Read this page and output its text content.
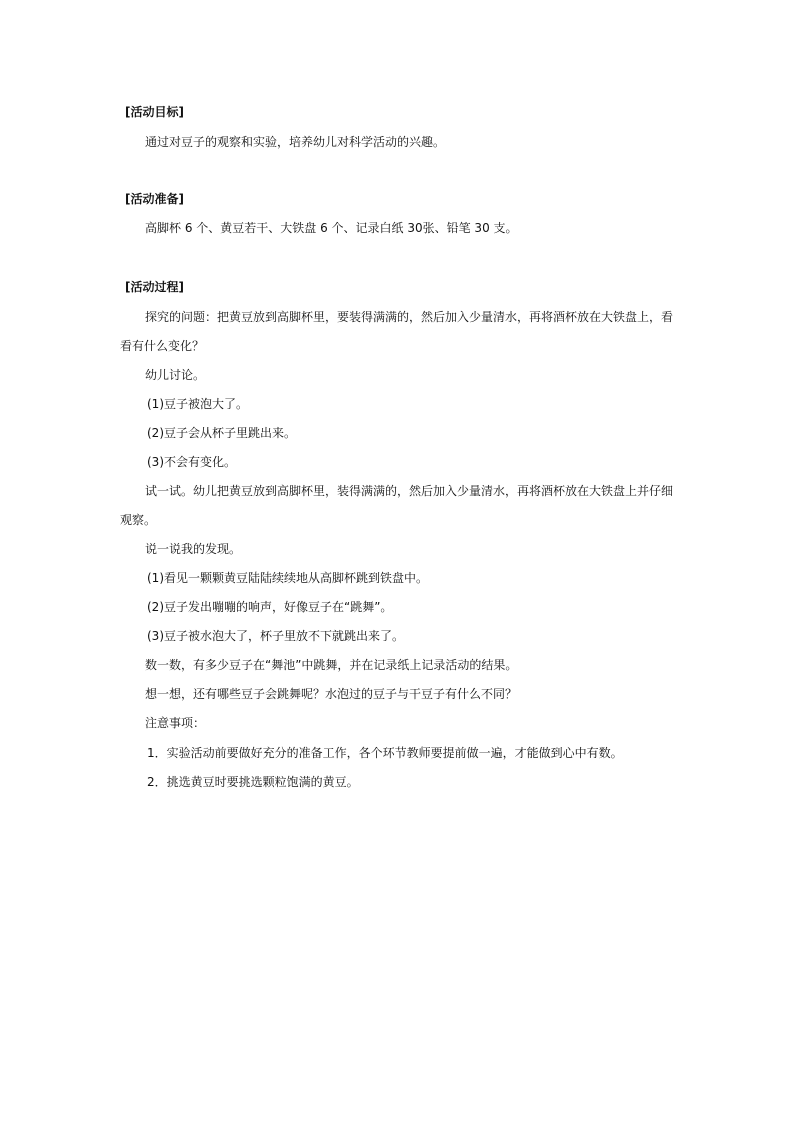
[活动目标]
通过对豆子的观察和实验，培养幼儿对科学活动的兴趣。
[活动准备]
高脚杯 6 个、黄豆若干、大铁盘 6 个、记录白纸 30张、铅笔 30 支。
[活动过程]
探究的问题：把黄豆放到高脚杯里，要装得满满的，然后加入少量清水，再将酒杯放在大铁盘上，看
看有什么变化？
幼儿讨论。
(1)豆子被泡大了。
(2)豆子会从杯子里跳出来。
(3)不会有变化。
试一试。幼儿把黄豆放到高脚杯里，装得满满的，然后加入少量清水，再将酒杯放在大铁盘上并仔细
观察。
说一说我的发现。
(1)看见一颗颗黄豆陆陆续续地从高脚杯跳到铁盘中。
(2)豆子发出嘣嘣的响声，好像豆子在“跳舞”。
(3)豆子被水泡大了，杯子里放不下就跳出来了。
数一数，有多少豆子在“舞池”中跳舞，并在记录纸上记录活动的结果。
想一想，还有哪些豆子会跳舞呢？水泡过的豆子与干豆子有什么不同？
注意事项：
1．实验活动前要做好充分的准备工作，各个环节教师要提前做一遍，才能做到心中有数。
2．挑选黄豆时要挑选颗粒饱满的黄豆。
